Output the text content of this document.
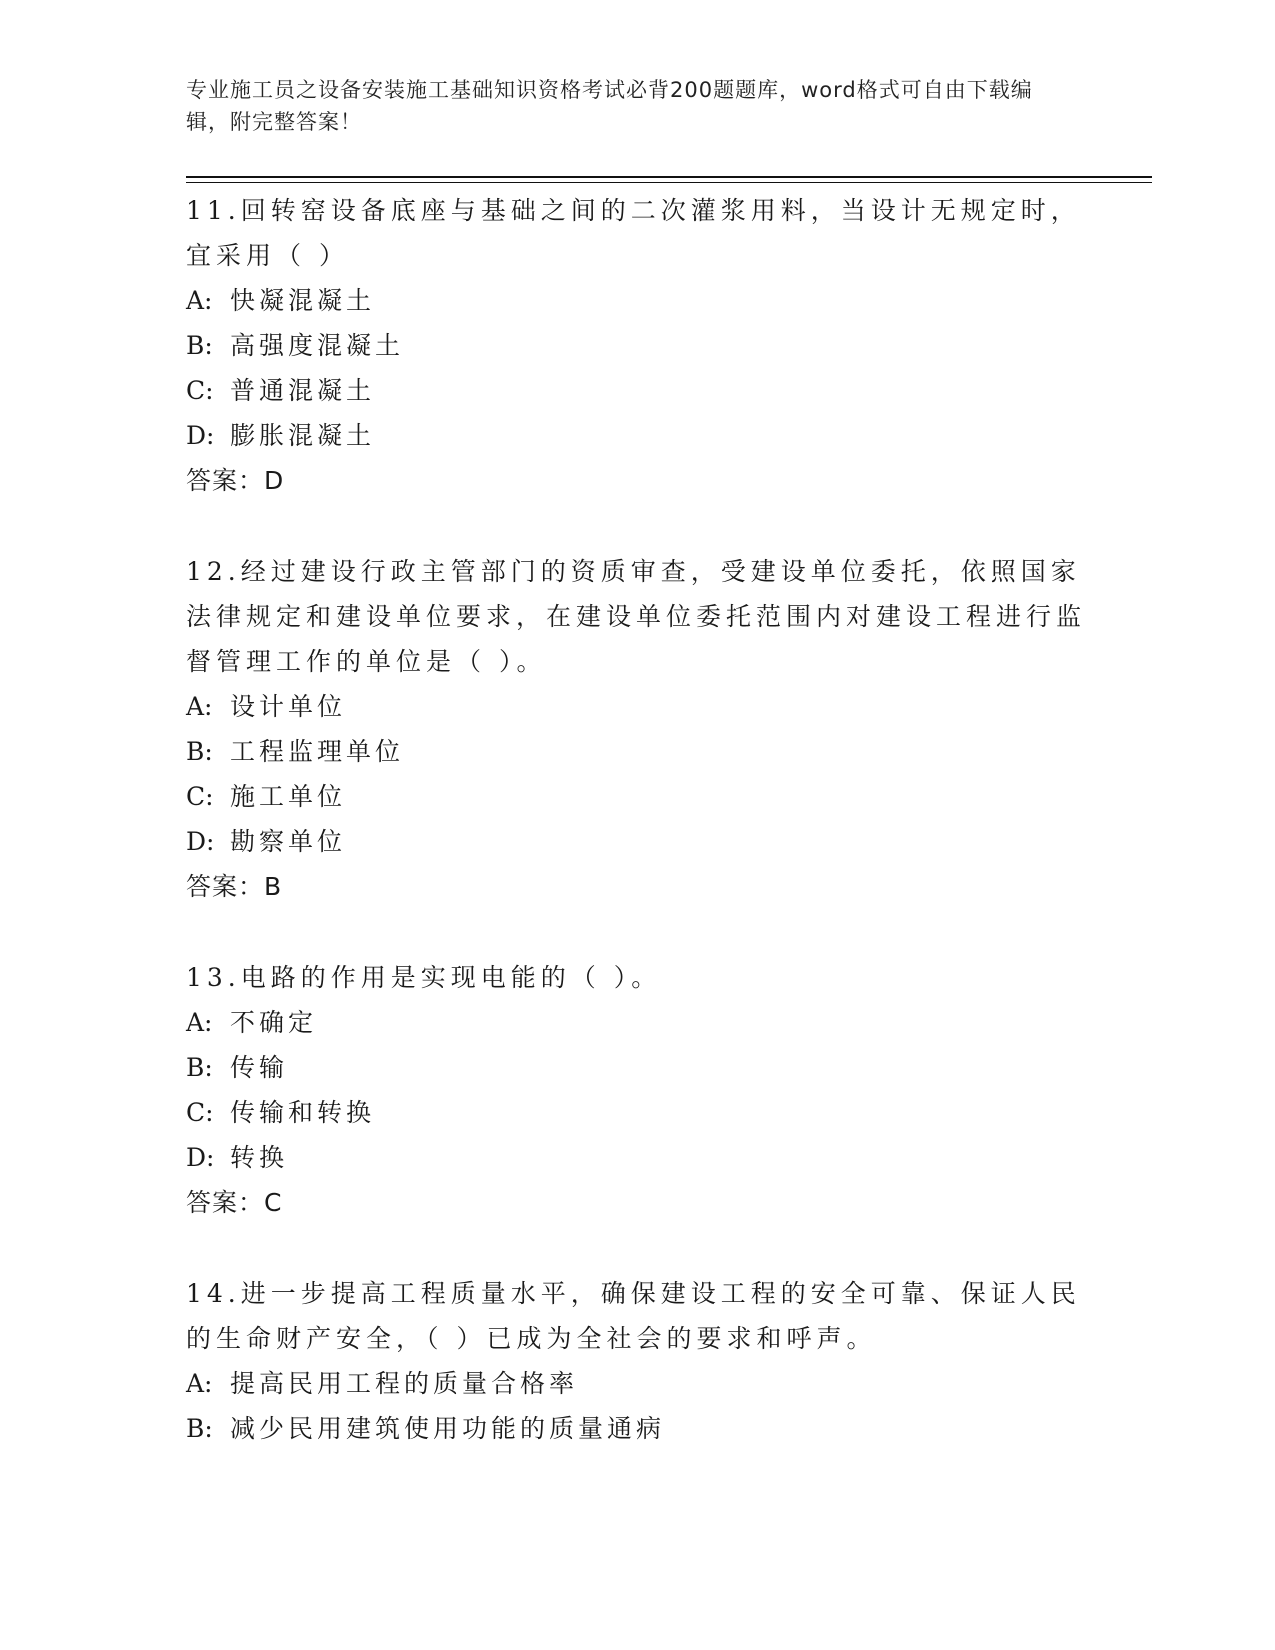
专业施工员之设备安装施工基础知识资格考试必背200题题库，word格式可自由下载编辑，附完整答案！

11.回转窑设备底座与基础之间的二次灌浆用料，当设计无规定时，宜采用（ ）

A: 快凝混凝土

B: 高强度混凝土

C: 普通混凝土

D: 膨胀混凝土

答案：D

12.经过建设行政主管部门的资质审查，受建设单位委托，依照国家法律规定和建设单位要求，在建设单位委托范围内对建设工程进行监督管理工作的单位是（ ）。

A: 设计单位

B: 工程监理单位

C: 施工单位

D: 勘察单位

答案：B

13.电路的作用是实现电能的（ ）。

A: 不确定

B: 传输

C: 传输和转换

D: 转换

答案：C

14.进一步提高工程质量水平，确保建设工程的安全可靠、保证人民的生命财产安全，（ ）已成为全社会的要求和呼声。

A: 提高民用工程的质量合格率

B: 减少民用建筑使用功能的质量通病
